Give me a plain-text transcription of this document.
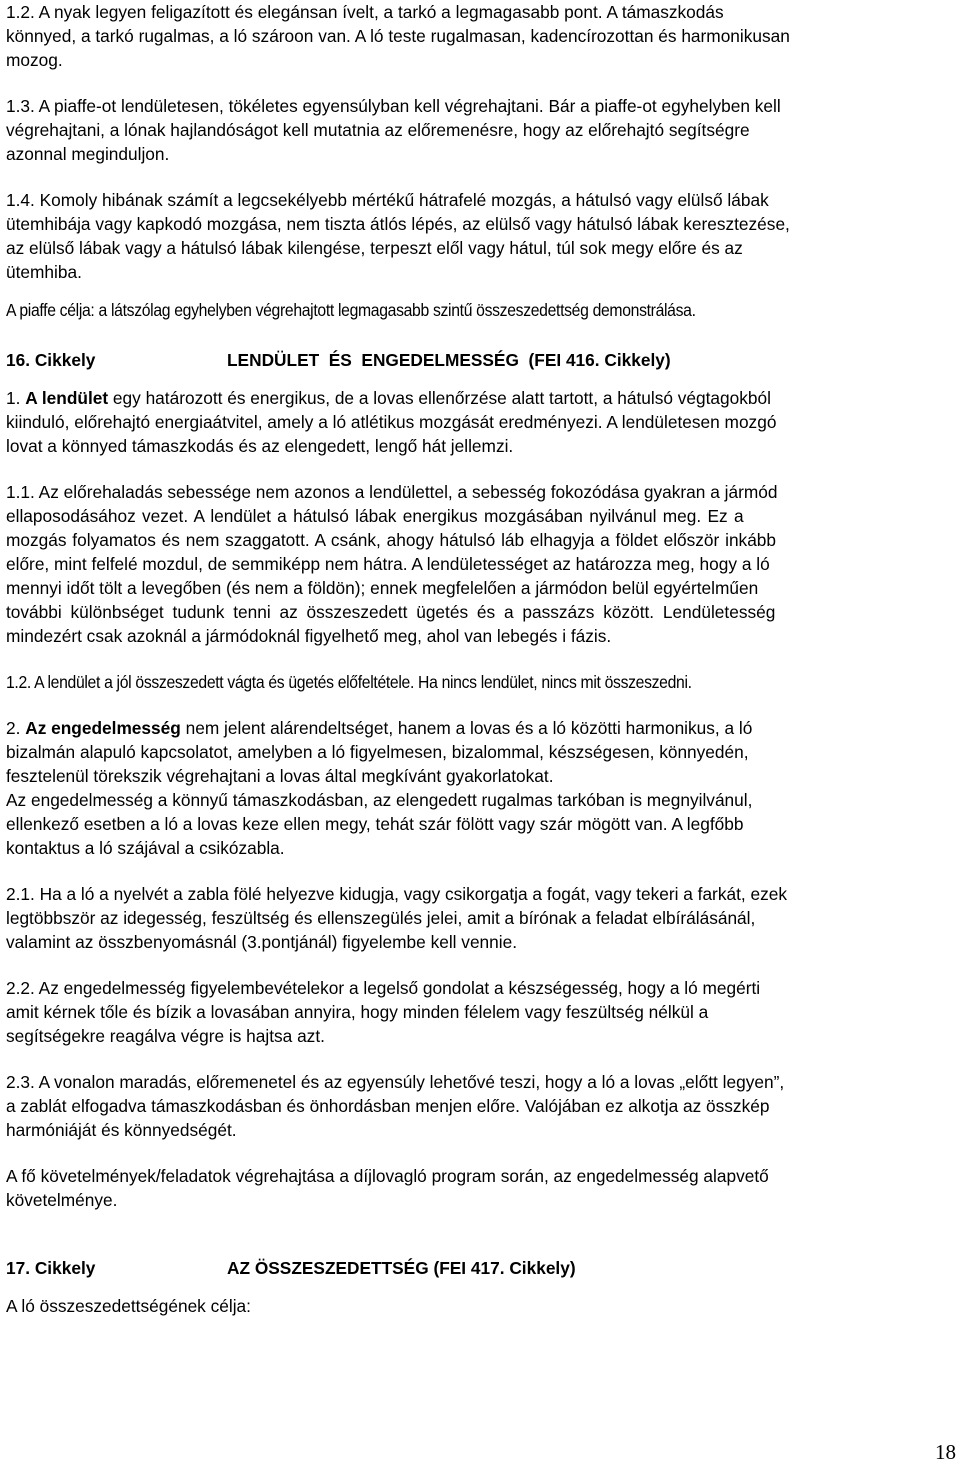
1.2. A nyak legyen feligazított és elegánsan ívelt, a tarkó a legmagasabb pont. A támaszkodás

könnyed, a tarkó rugalmas, a ló szároon van. A ló teste rugalmasan, kadencírozottan és harmonikusan

mozog.

1.3. A piaffe-ot lendületesen, tökéletes egyensúlyban kell végrehajtani. Bár a piaffe-ot egyhelyben kell

végrehajtani, a lónak hajlandóságot kell mutatnia az előremenésre, hogy az előrehajtó segítségre

azonnal meginduljon.

1.4. Komoly hibának számít a legcsekélyebb mértékű hátrafelé mozgás, a hátulsó vagy elülső lábak

ütemhibája vagy kapkodó mozgása, nem tiszta átlós lépés, az elülső vagy hátulsó lábak keresztezése,

az elülső lábak vagy a hátulsó lábak kilengése, terpeszt elől vagy hátul, túl sok megy előre és az

ütemhiba.

A piaffe célja: a látszólag egyhelyben végrehajtott legmagasabb szintű összeszedettség demonstrálása.

16. Cikkely	LENDÜLET  ÉS  ENGEDELMESSÉG  (FEI 416. Cikkely)

1. A lendület egy határozott és energikus, de a lovas ellenőrzése alatt tartott, a hátulsó végtagokból

kiinduló, előrehajtó energiaátvitel, amely a ló atlétikus mozgását eredményezi. A lendületesen mozgó

lovat a könnyed támaszkodás és az elengedett, lengő hát jellemzi.

1.1. Az előrehaladás sebessége nem azonos a lendülettel, a sebesség fokozódása gyakran a jármód

ellaposodásához vezet. A lendület a hátulsó lábak energikus mozgásában nyilvánul meg. Ez a

mozgás folyamatos és nem szaggatott. A csánk, ahogy hátulsó láb elhagyja a földet először inkább

előre, mint felfelé mozdul, de semmiképp nem hátra. A lendületességet az határozza meg, hogy a ló

mennyi időt tölt a levegőben (és nem a földön); ennek megfelelően a jármódon belül egyértelműen

további különbséget tudunk tenni az összeszedett ügetés és a passzázs között. Lendületesség

mindezért csak azoknál a jármódoknál figyelhető meg, ahol van lebegés i fázis.

1.2. A lendület a jól összeszedett vágta és ügetés előfeltétele. Ha nincs lendület, nincs mit összeszedni.

2. Az engedelmesség nem jelent alárendeltséget, hanem a lovas és a ló közötti harmonikus, a ló

bizalmán alapuló kapcsolatot, amelyben a ló figyelmesen, bizalommal, készségesen, könnyedén,

fesztelenül törekszik végrehajtani a lovas által megkívánt gyakorlatokat.

Az engedelmesség a könnyű támaszkodásban, az elengedett rugalmas tarkóban is megnyilvánul,

ellenkező esetben a ló a lovas keze ellen megy, tehát szár fölött vagy szár mögött van. A legfőbb

kontaktus a ló szájával a csikózabla.

2.1. Ha a ló a nyelvét a zabla fölé helyezve kidugja, vagy csikorgatja a fogát, vagy tekeri a farkát, ezek

legtöbbször az idegesség, feszültség és ellenszegülés jelei, amit a bírónak a feladat elbírálásánál,

valamint az összbenyomásnál (3.pontjánál) figyelembe kell vennie.

2.2. Az engedelmesség figyelembevételekor a legelső gondolat a készségesség, hogy a ló megérti

amit kérnek tőle és bízik a lovasában annyira, hogy minden félelem vagy feszültség nélkül a

segítségekre reagálva végre is hajtsa azt.

2.3. A vonalon maradás, előremenetel és az egyensúly lehetővé teszi, hogy a ló a lovas „előtt legyen”,

a zablát elfogadva támaszkodásban és önhordásban menjen előre. Valójában ez alkotja az összkép

harmóniáját és könnyedségét.

A fő követelmények/feladatok végrehajtása a díjlovagló program során, az engedelmesség alapvető

követelménye.

17. Cikkely	AZ ÖSSZESZEDETTSÉG (FEI 417. Cikkely)

A ló összeszedettségének célja:

18
